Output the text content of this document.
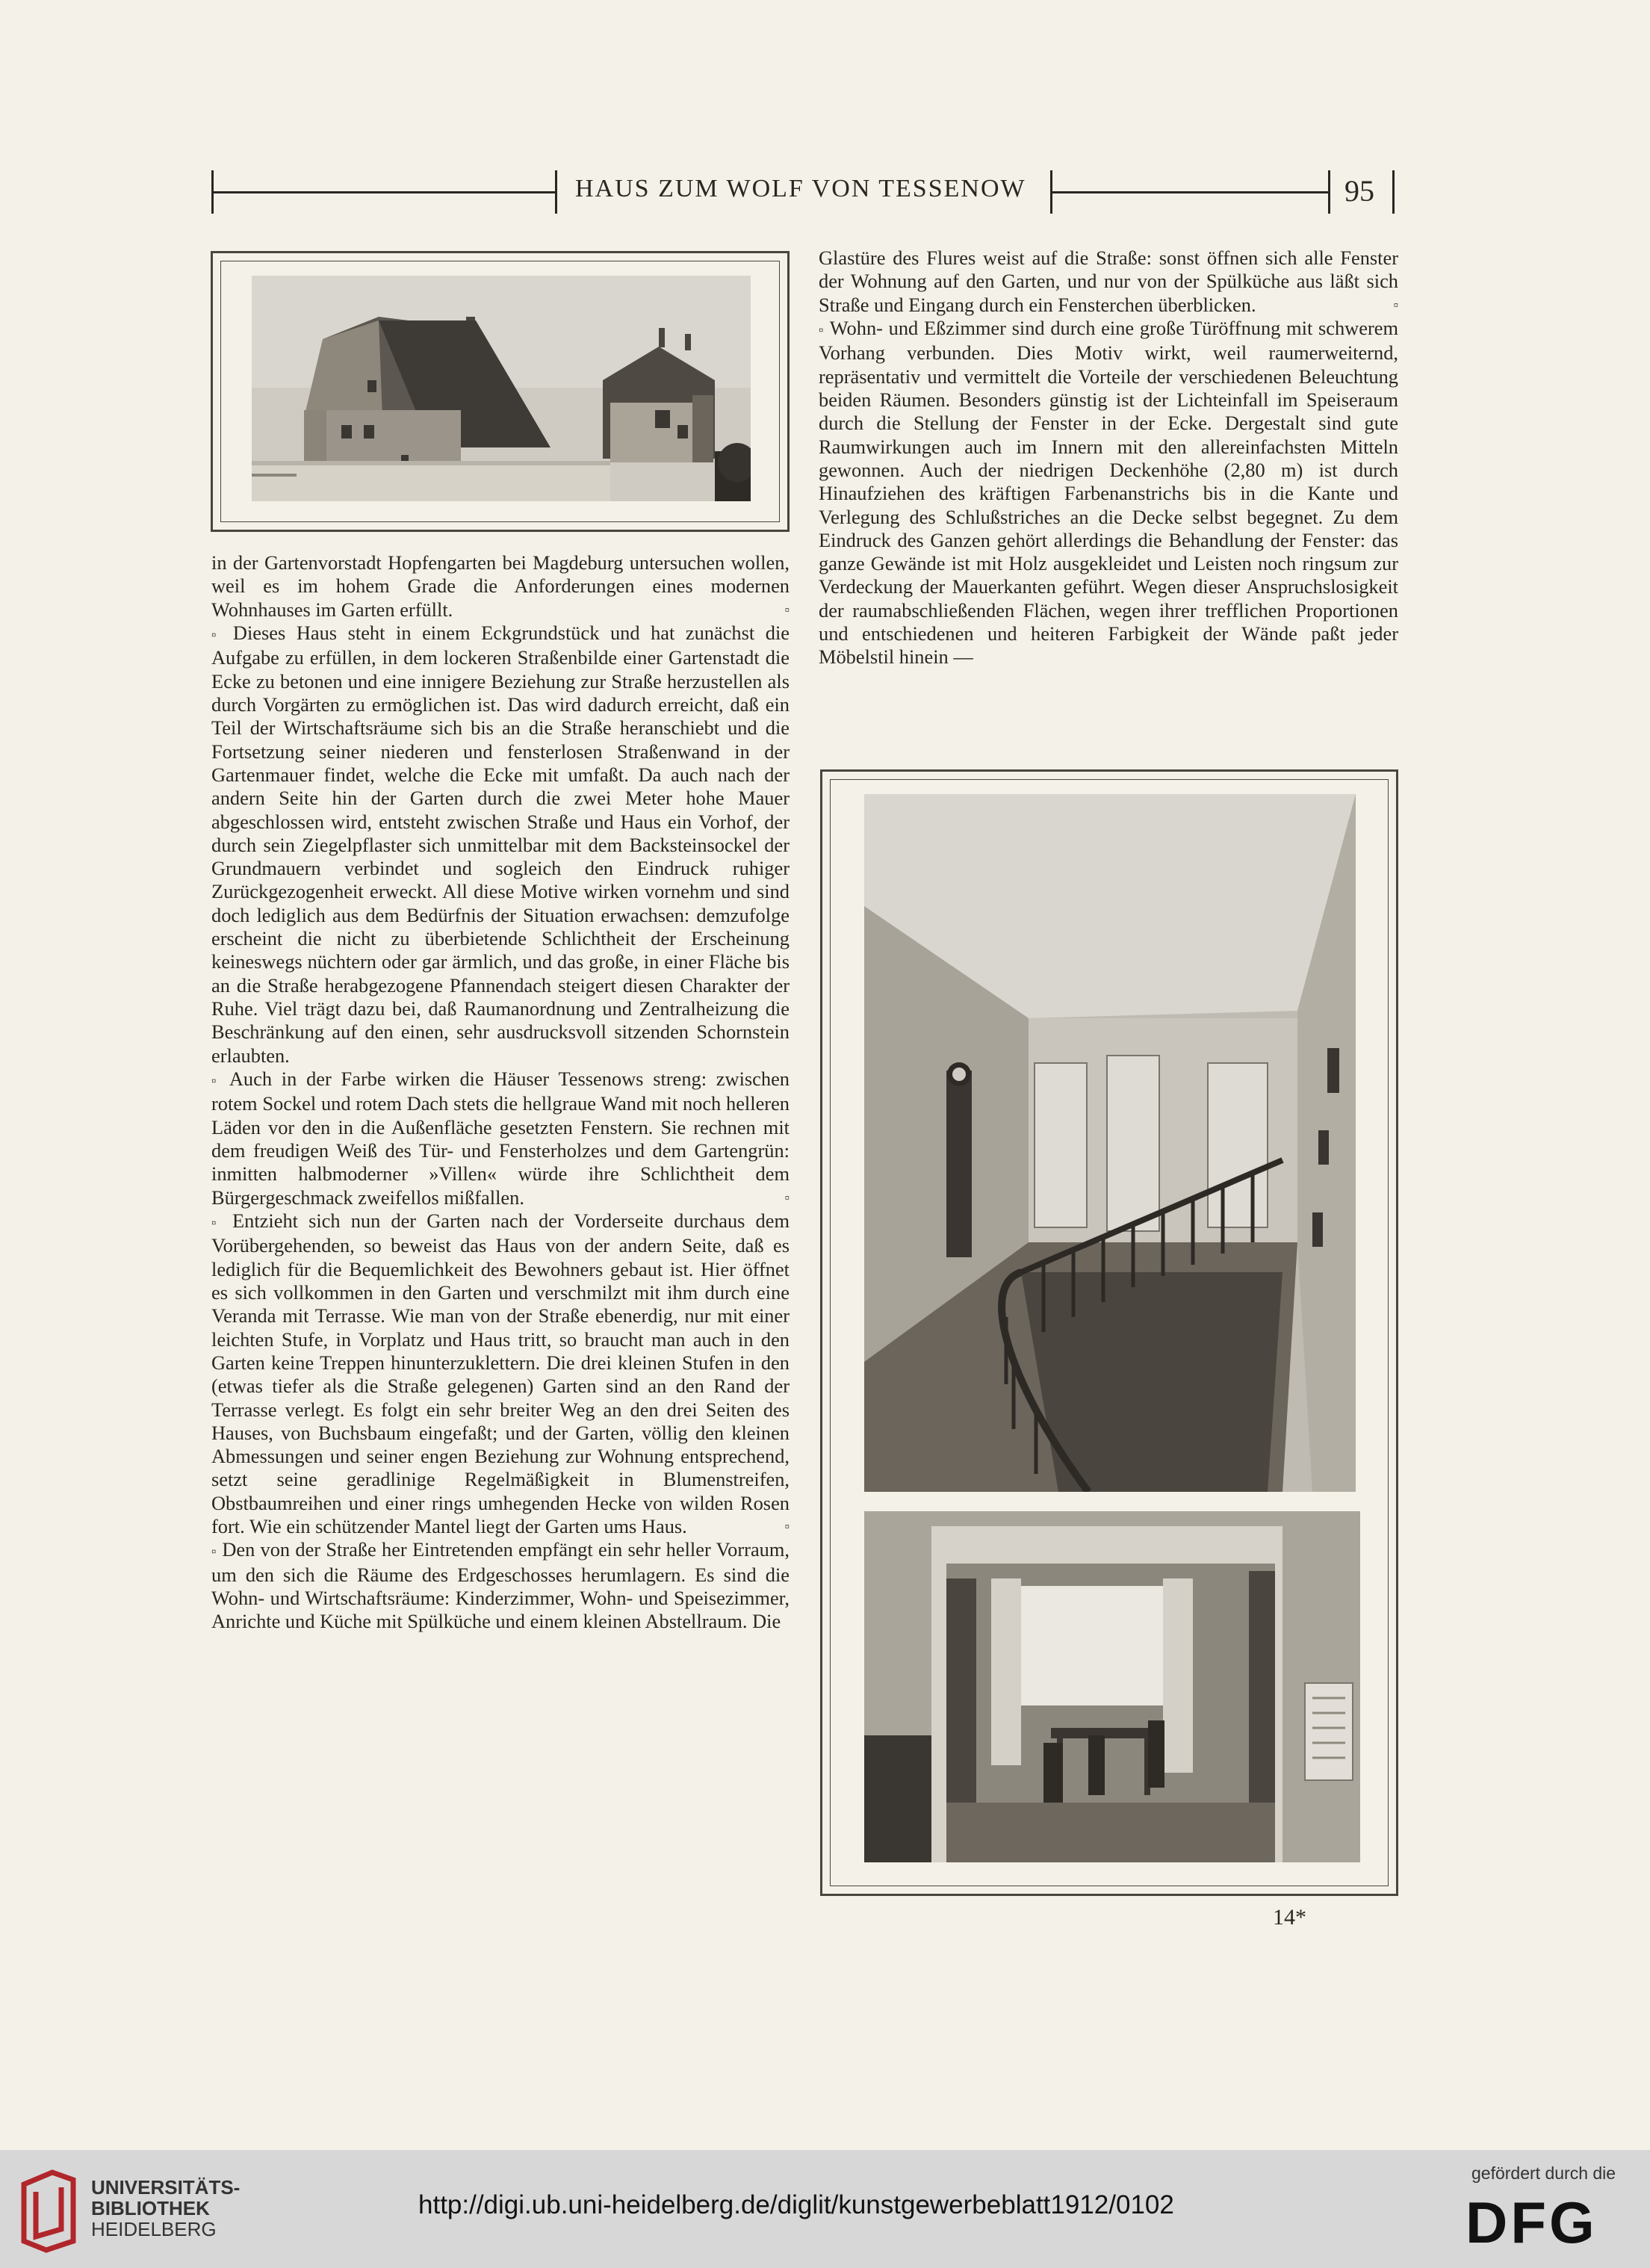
HAUS ZUM WOLF VON TESSENOW	95

in der Gartenvorstadt Hopfengarten bei Magdeburg untersuchen wollen, weil es im hohem Grade die Anforderungen eines modernen Wohnhauses im Garten erfüllt.	▫

▫ Dieses Haus steht in einem Eckgrundstück und hat zunächst die Aufgabe zu erfüllen, in dem lockeren Straßenbilde einer Gartenstadt die Ecke zu betonen und eine innigere Beziehung zur Straße herzustellen als durch Vorgärten zu ermöglichen ist. Das wird dadurch erreicht, daß ein Teil der Wirtschaftsräume sich bis an die Straße heranschiebt und die Fortsetzung seiner niederen und fensterlosen Straßenwand in der Gartenmauer findet, welche die Ecke mit umfaßt. Da auch nach der andern Seite hin der Garten durch die zwei Meter hohe Mauer abgeschlossen wird, entsteht zwischen Straße und Haus ein Vorhof, der durch sein Ziegelpflaster sich unmittelbar mit dem Backsteinsockel der Grundmauern verbindet und sogleich den Eindruck ruhiger Zurückgezogenheit erweckt. All diese Motive wirken vornehm und sind doch lediglich aus dem Bedürfnis der Situation erwachsen: demzufolge erscheint die nicht zu überbietende Schlichtheit der Erscheinung keineswegs nüchtern oder gar ärmlich, und das große, in einer Fläche bis an die Straße herabgezogene Pfannendach steigert diesen Charakter der Ruhe. Viel trägt dazu bei, daß Raumanordnung und Zentralheizung die Beschränkung auf den einen, sehr ausdrucksvoll sitzenden Schornstein erlaubten.

▫ Auch in der Farbe wirken die Häuser Tessenows streng: zwischen rotem Sockel und rotem Dach stets die hellgraue Wand mit noch helleren Läden vor den in die Außenfläche gesetzten Fenstern. Sie rechnen mit dem freudigen Weiß des Tür- und Fensterholzes und dem Gartengrün: inmitten halbmoderner »Villen« würde ihre Schlichtheit dem Bürgergeschmack zweifellos mißfallen.	▫

▫ Entzieht sich nun der Garten nach der Vorderseite durchaus dem Vorübergehenden, so beweist das Haus von der andern Seite, daß es lediglich für die Bequemlichkeit des Bewohners gebaut ist. Hier öffnet es sich vollkommen in den Garten und verschmilzt mit ihm durch eine Veranda mit Terrasse. Wie man von der Straße ebenerdig, nur mit einer leichten Stufe, in Vorplatz und Haus tritt, so braucht man auch in den Garten keine Treppen hinunterzuklettern. Die drei kleinen Stufen in den (etwas tiefer als die Straße gelegenen) Garten sind an den Rand der Terrasse verlegt. Es folgt ein sehr breiter Weg an den drei Seiten des Hauses, von Buchsbaum eingefaßt; und der Garten, völlig den kleinen Abmessungen und seiner engen Beziehung zur Wohnung entsprechend, setzt seine geradlinige Regelmäßigkeit in Blumenstreifen, Obstbaumreihen und einer rings umhegenden Hecke von wilden Rosen fort. Wie ein schützender Mantel liegt der Garten ums Haus.	▫

▫ Den von der Straße her Eintretenden empfängt ein sehr heller Vorraum, um den sich die Räume des Erdgeschosses herumlagern. Es sind die Wohn- und Wirtschaftsräume: Kinderzimmer, Wohn- und Speisezimmer, Anrichte und Küche mit Spülküche und einem kleinen Abstellraum. Die

Glastüre des Flures weist auf die Straße: sonst öffnen sich alle Fenster der Wohnung auf den Garten, und nur von der Spülküche aus läßt sich Straße und Eingang durch ein Fensterchen überblicken.	▫

▫ Wohn- und Eßzimmer sind durch eine große Türöffnung mit schwerem Vorhang verbunden. Dies Motiv wirkt, weil raumerweiternd, repräsentativ und vermittelt die Vorteile der verschiedenen Beleuchtung beiden Räumen. Besonders günstig ist der Lichteinfall im Speiseraum durch die Stellung der Fenster in der Ecke. Dergestalt sind gute Raumwirkungen auch im Innern mit den allereinfachsten Mitteln gewonnen. Auch der niedrigen Deckenhöhe (2,80 m) ist durch Hinaufziehen des kräftigen Farbenanstrichs bis in die Kante und Verlegung des Schlußstriches an die Decke selbst begegnet. Zu dem Eindruck des Ganzen gehört allerdings die Behandlung der Fenster: das ganze Gewände ist mit Holz ausgekleidet und Leisten noch ringsum zur Verdeckung der Mauerkanten geführt. Wegen dieser Anspruchslosigkeit der raumabschließenden Flächen, wegen ihrer trefflichen Proportionen und entschiedenen und heiteren Farbigkeit der Wände paßt jeder Möbelstil hinein —

14*
UNIVERSITÄTS-
BIBLIOTHEK
HEIDELBERG
http://digi.ub.uni-heidelberg.de/diglit/kunstgewerbeblatt1912/0102
gefördert durch die
DFG
